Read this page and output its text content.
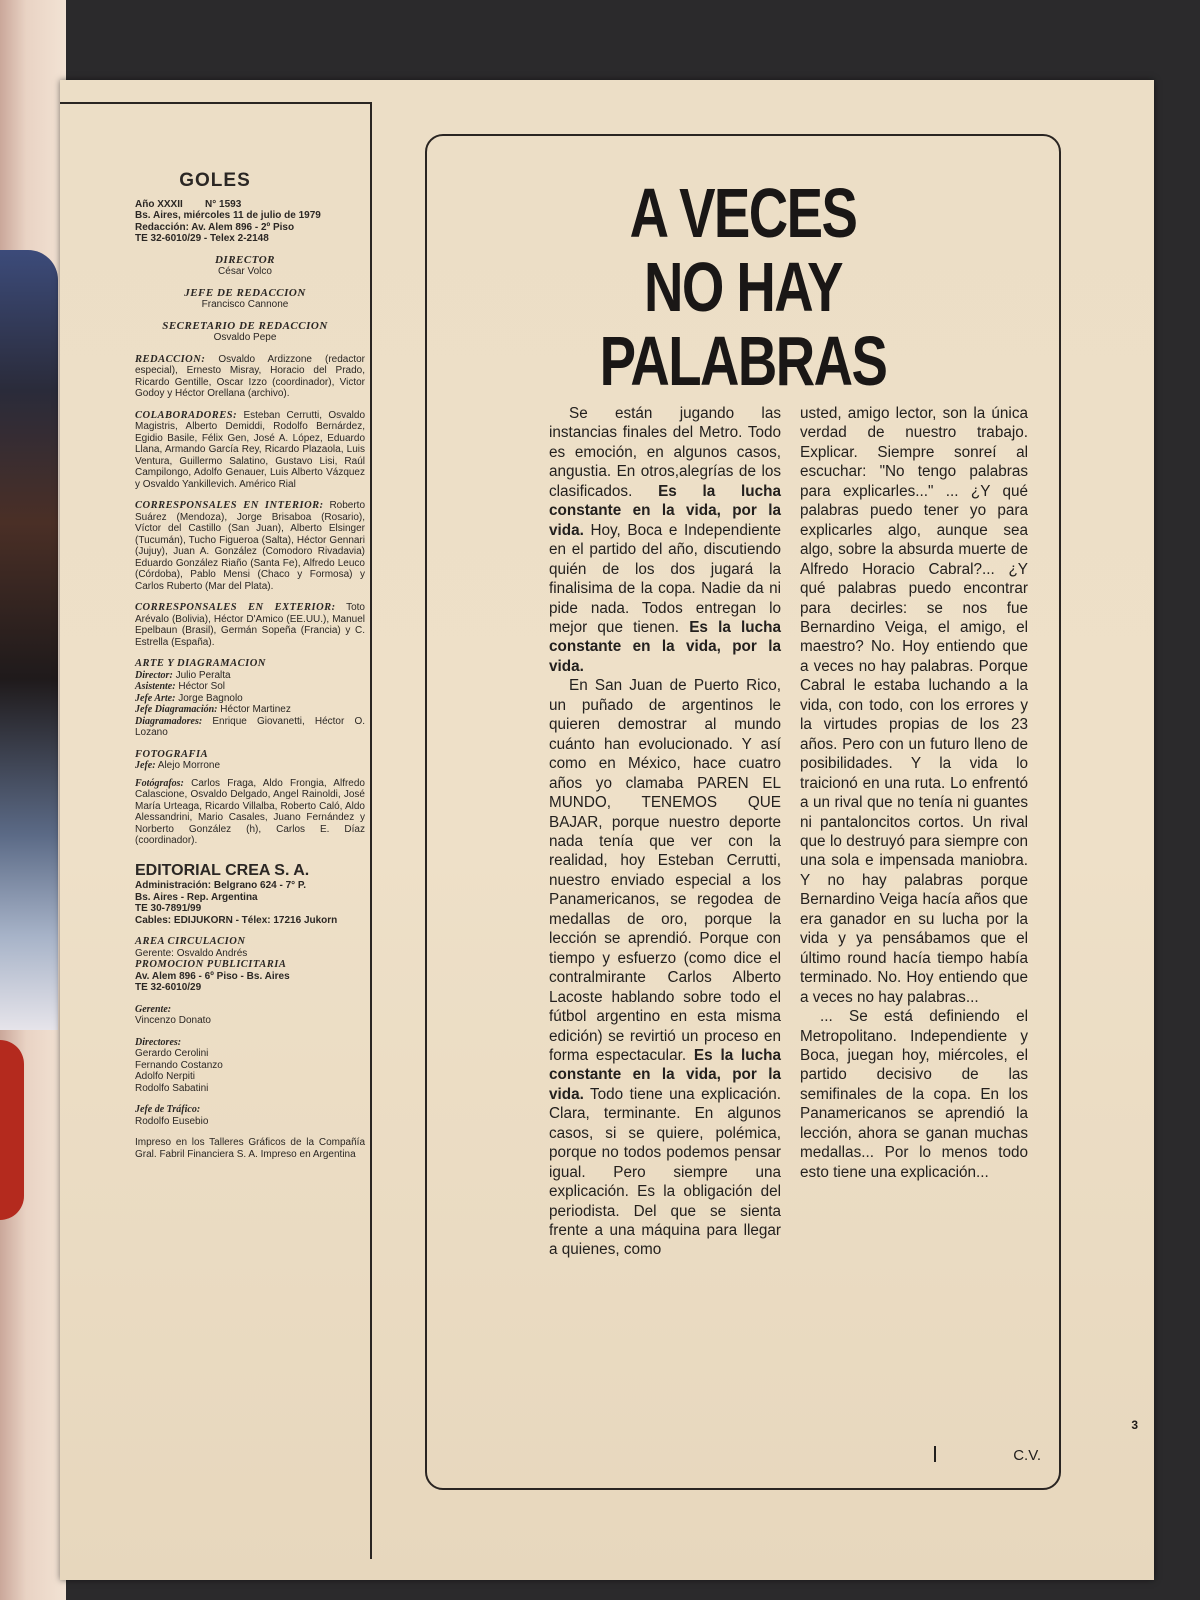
GOLES
Año XXXII N° 1593
Bs. Aires, miércoles 11 de julio de 1979
Redacción: Av. Alem 896 - 2º Piso
TE 32-6010/29 - Telex 2-2148
DIRECTOR
César Volco
JEFE DE REDACCION
Francisco Cannone
SECRETARIO DE REDACCION
Osvaldo Pepe
REDACCION: Osvaldo Ardizzone (redactor especial), Ernesto Misray, Horacio del Prado, Ricardo Gentille, Oscar Izzo (coordinador), Victor Godoy y Héctor Orellana (archivo).
COLABORADORES: Esteban Cerrutti, Osvaldo Magistris, Alberto Demiddi, Rodolfo Bernárdez, Egidio Basile, Félix Gen, José A. López, Eduardo Llana, Armando García Rey, Ricardo Plazaola, Luis Ventura, Guillermo Salatino, Gustavo Lisi, Raúl Campilongo, Adolfo Genauer, Luis Alberto Vázquez y Osvaldo Yankillevich. Américo Rial
CORRESPONSALES EN INTERIOR: Roberto Suárez (Mendoza), Jorge Brisaboa (Rosario), Víctor del Castillo (San Juan), Alberto Elsinger (Tucumán), Tucho Figueroa (Salta), Héctor Gennari (Jujuy), Juan A. González (Comodoro Rivadavia) Eduardo González Riaño (Santa Fe), Alfredo Leuco (Córdoba), Pablo Mensi (Chaco y Formosa) y Carlos Ruberto (Mar del Plata).
CORRESPONSALES EN EXTERIOR: Toto Arévalo (Bolivia), Héctor D'Amico (EE.UU.), Manuel Epelbaun (Brasil), Germán Sopeña (Francia) y C. Estrella (España).
ARTE Y DIAGRAMACION
Director: Julio Peralta
Asistente: Héctor Sol
Jefe Arte: Jorge Bagnolo
Jefe Diagramación: Héctor Martinez
Diagramadores: Enrique Giovanetti, Héctor O. Lozano
FOTOGRAFIA
Jefe: Alejo Morrone
Fotógrafos: Carlos Fraga, Aldo Frongia, Alfredo Calascione, Osvaldo Delgado, Angel Rainoldi, José María Urteaga, Ricardo Villalba, Roberto Caló, Aldo Alessandrini, Mario Casales, Juano Fernández y Norberto González (h), Carlos E. Díaz (coordinador).
EDITORIAL CREA S. A.
Administración: Belgrano 624 - 7° P.
Bs. Aires - Rep. Argentina
TE 30-7891/99
Cables: EDIJUKORN - Télex: 17216 Jukorn
AREA CIRCULACION
Gerente: Osvaldo Andrés
PROMOCION PUBLICITARIA
Av. Alem 896 - 6º Piso - Bs. Aires
TE 32-6010/29
Gerente:
Vincenzo Donato
Directores:
Gerardo Cerolini
Fernando Costanzo
Adolfo Nerpiti
Rodolfo Sabatini
Jefe de Tráfico:
Rodolfo Eusebio
Impreso en los Talleres Gráficos de la Compañía Gral. Fabril Financiera S. A. Impreso en Argentina
A VECES
NO HAY PALABRAS

Se están jugando las instancias finales del Metro. Todo es emoción, en algunos casos, angustia. En otros,alegrías de los clasificados. Es la lucha constante en la vida, por la vida. Hoy, Boca e Independiente en el partido del año, discutiendo quién de los dos jugará la finalisima de la copa. Nadie da ni pide nada. Todos entregan lo mejor que tienen. Es la lucha constante en la vida, por la vida.

En San Juan de Puerto Rico, un puñado de argentinos le quieren demostrar al mundo cuánto han evolucionado. Y así como en México, hace cuatro años yo clamaba PAREN EL MUNDO, TENEMOS QUE BAJAR, porque nuestro deporte nada tenía que ver con la realidad, hoy Esteban Cerrutti, nuestro enviado especial a los Panamericanos, se regodea de medallas de oro, porque la lección se aprendió. Porque con tiempo y esfuerzo (como dice el contralmirante Carlos Alberto Lacoste hablando sobre todo el fútbol argentino en esta misma edición) se revirtió un proceso en forma espectacular. Es la lucha constante en la vida, por la vida. Todo tiene una explicación. Clara, terminante. En algunos casos, si se quiere, polémica, porque no todos podemos pensar igual. Pero siempre una explicación. Es la obligación del periodista. Del que se sienta frente a una máquina para llegar a quienes, como

usted, amigo lector, son la única verdad de nuestro trabajo. Explicar. Siempre sonreí al escuchar: "No tengo palabras para explicarles..." ... ¿Y qué palabras puedo tener yo para explicarles algo, aunque sea algo, sobre la absurda muerte de Alfredo Horacio Cabral?... ¿Y qué palabras puedo encontrar para decirles: se nos fue Bernardino Veiga, el amigo, el maestro? No. Hoy entiendo que a veces no hay palabras. Porque Cabral le estaba luchando a la vida, con todo, con los errores y la virtudes propias de los 23 años. Pero con un futuro lleno de posibilidades. Y la vida lo traicionó en una ruta. Lo enfrentó a un rival que no tenía ni guantes ni pantaloncitos cortos. Un rival que lo destruyó para siempre con una sola e impensada maniobra. Y no hay palabras porque Bernardino Veiga hacía años que era ganador en su lucha por la vida y ya pensábamos que el último round hacía tiempo había terminado. No. Hoy entiendo que a veces no hay palabras...

... Se está definiendo el Metropolitano. Independiente y Boca, juegan hoy, miércoles, el partido decisivo de las semifinales de la copa. En los Panamericanos se aprendió la lección, ahora se ganan muchas medallas... Por lo menos todo esto tiene una explicación...

C.V.
3
